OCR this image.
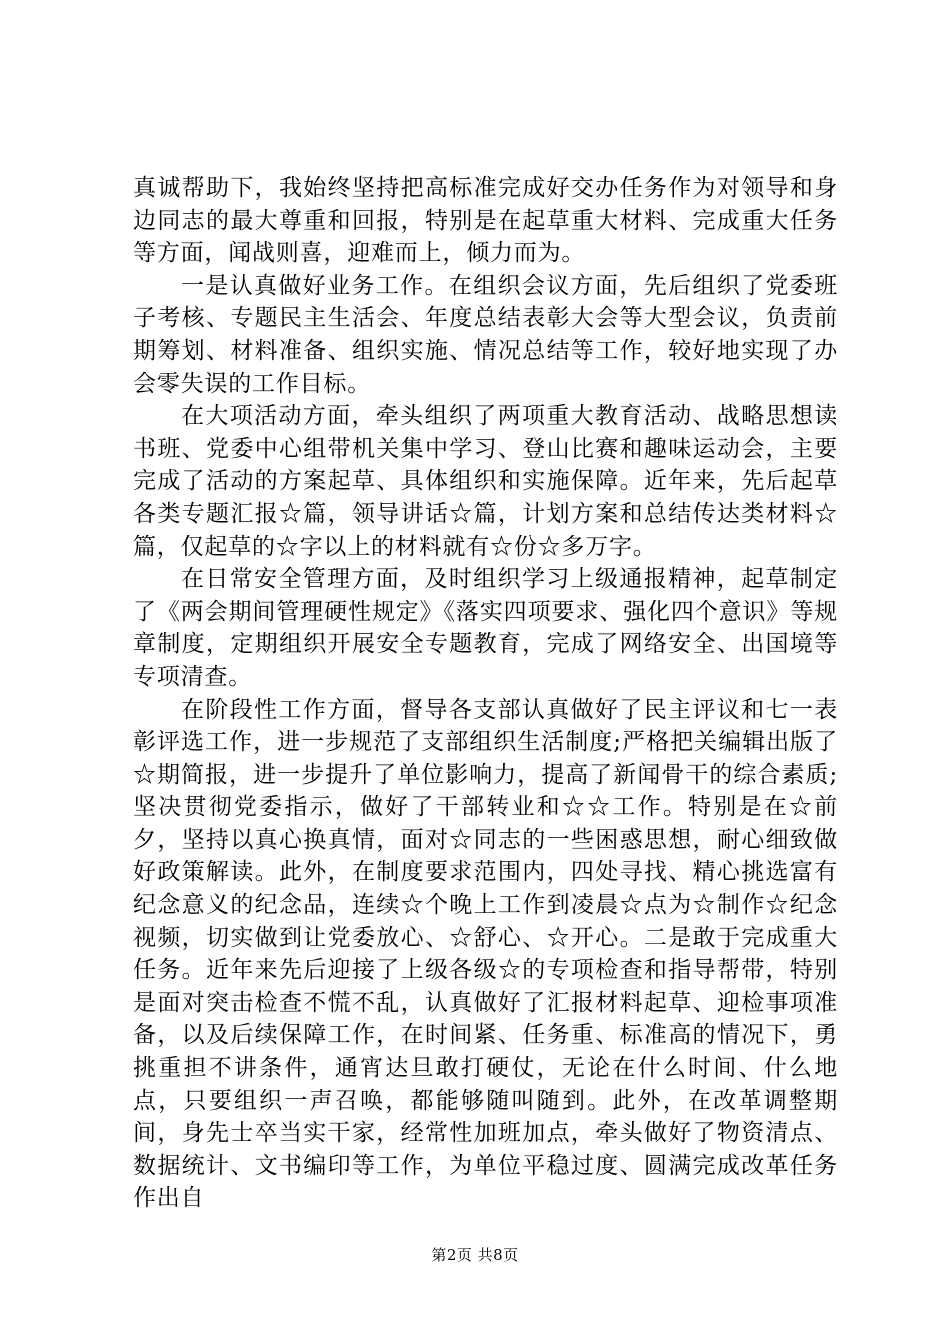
真诚帮助下，我始终坚持把高标准完成好交办任务作为对领导和身边同志的最大尊重和回报，特别是在起草重大材料、完成重大任务等方面，闻战则喜，迎难而上，倾力而为。

一是认真做好业务工作。在组织会议方面，先后组织了党委班子考核、专题民主生活会、年度总结表彰大会等大型会议，负责前期筹划、材料准备、组织实施、情况总结等工作，较好地实现了办会零失误的工作目标。

在大项活动方面，牵头组织了两项重大教育活动、战略思想读书班、党委中心组带机关集中学习、登山比赛和趣味运动会，主要完成了活动的方案起草、具体组织和实施保障。近年来，先后起草各类专题汇报☆篇，领导讲话☆篇，计划方案和总结传达类材料☆篇，仅起草的☆字以上的材料就有☆份☆多万字。

在日常安全管理方面，及时组织学习上级通报精神，起草制定了《两会期间管理硬性规定》《落实四项要求、强化四个意识》等规章制度，定期组织开展安全专题教育，完成了网络安全、出国境等专项清查。

在阶段性工作方面，督导各支部认真做好了民主评议和七一表彰评选工作，进一步规范了支部组织生活制度;严格把关编辑出版了☆期简报，进一步提升了单位影响力，提高了新闻骨干的综合素质;坚决贯彻党委指示，做好了干部转业和☆☆工作。特别是在☆前夕，坚持以真心换真情，面对☆同志的一些困惑思想，耐心细致做好政策解读。此外，在制度要求范围内，四处寻找、精心挑选富有纪念意义的纪念品，连续☆个晚上工作到凌晨☆点为☆制作☆纪念视频，切实做到让党委放心、☆舒心、☆开心。二是敢于完成重大任务。近年来先后迎接了上级各级☆的专项检查和指导帮带，特别是面对突击检查不慌不乱，认真做好了汇报材料起草、迎检事项准备，以及后续保障工作，在时间紧、任务重、标准高的情况下，勇挑重担不讲条件，通宵达旦敢打硬仗，无论在什么时间、什么地点，只要组织一声召唤，都能够随叫随到。此外，在改革调整期间，身先士卒当实干家，经常性加班加点，牵头做好了物资清点、数据统计、文书编印等工作，为单位平稳过度、圆满完成改革任务作出自

第2页 共8页
